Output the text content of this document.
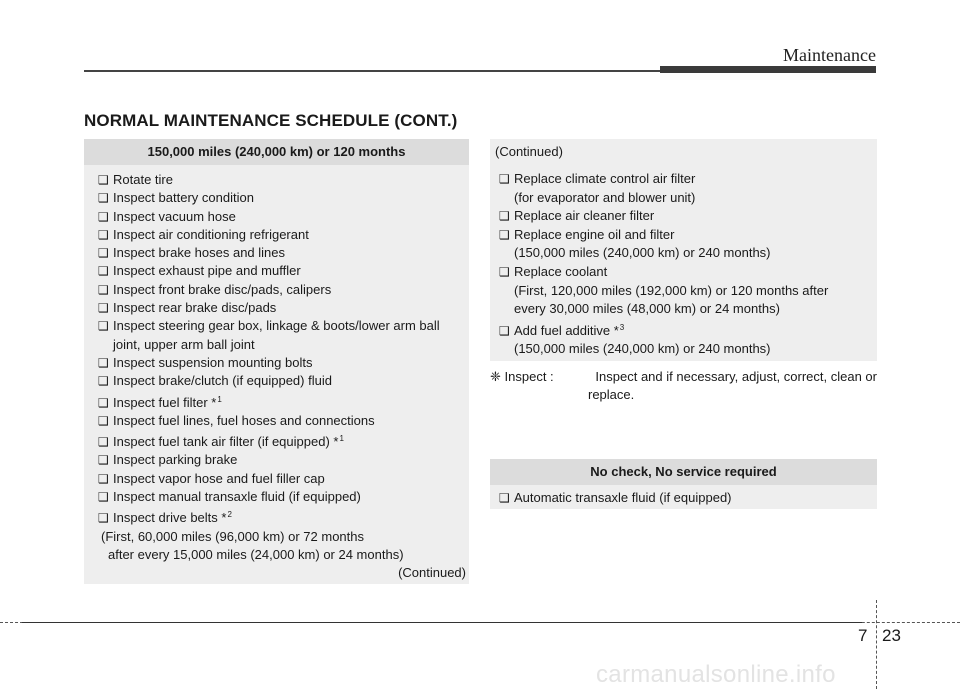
Maintenance
NORMAL MAINTENANCE SCHEDULE (CONT.)
150,000 miles (240,000 km) or 120 months
❑ Rotate tire
❑ Inspect battery condition
❑ Inspect vacuum hose
❑ Inspect air conditioning refrigerant
❑ Inspect brake hoses and lines
❑ Inspect exhaust pipe and muffler
❑ Inspect front brake disc/pads, calipers
❑ Inspect rear brake disc/pads
❑ Inspect steering gear box, linkage & boots/lower arm ball
joint, upper arm ball joint
❑ Inspect suspension mounting bolts
❑ Inspect brake/clutch (if equipped) fluid
❑ Inspect fuel filter *$^1$
❑ Inspect fuel lines, fuel hoses and connections
❑ Inspect fuel tank air filter (if equipped) *$^1$
❑ Inspect parking brake
❑ Inspect vapor hose and fuel filler cap
❑ Inspect manual transaxle fluid (if equipped)
❑ Inspect drive belts *$^2$
(First, 60,000 miles (96,000 km) or 72 months
after every 15,000 miles (24,000 km) or 24 months)
(Continued)
(Continued)
❑ Replace climate control air filter
(for evaporator and blower unit)
❑ Replace air cleaner filter
❑ Replace engine oil and filter
(150,000 miles (240,000 km) or 240 months)
❑ Replace coolant
(First, 120,000 miles (192,000 km) or 120 months after
every 30,000 miles (48,000 km) or 24 months)
❑ Add fuel additive *$^3$
(150,000 miles (240,000 km) or 240 months)
❈ Inspect :	Inspect and if necessary, adjust, correct, clean or
replace.
No check, No service required
❑ Automatic transaxle fluid (if equipped)
7 23
carmanualsonline.info
